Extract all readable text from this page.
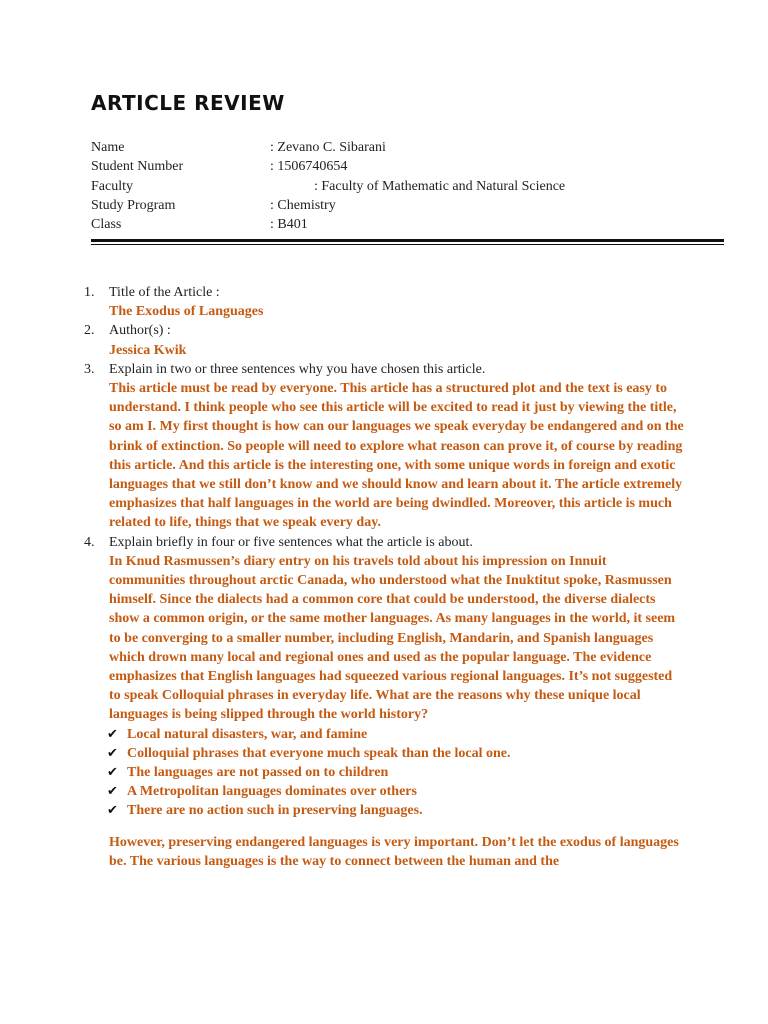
ARTICLE REVIEW
Name	: Zevano C. Sibarani
Student Number	: 1506740654
Faculty	: Faculty of Mathematic and Natural Science
Study Program	: Chemistry
Class	: B401
1. Title of the Article :
The Exodus of Languages
2. Author(s) :
Jessica Kwik
3. Explain in two or three sentences why you have chosen this article.
This article must be read by everyone. This article has a structured plot and the text is easy to understand. I think people who see this article will be excited to read it just by viewing the title, so am I. My first thought is how can our languages we speak everyday be endangered and on the brink of extinction. So people will need to explore what reason can prove it, of course by reading this article. And this article is the interesting one, with some unique words in foreign and exotic languages that we still don’t know and we should know and learn about it. The article extremely emphasizes that half languages in the world are being dwindled. Moreover, this article is much related to life, things that we speak every day.
4. Explain briefly in four or five sentences what the article is about.
In Knud Rasmussen’s diary entry on his travels told about his impression on Innuit communities throughout arctic Canada, who understood what the Inuktitut spoke, Rasmussen himself. Since the dialects had a common core that could be understood, the diverse dialects show a common origin, or the same mother languages. As many languages in the world, it seem to be converging to a smaller number, including English, Mandarin, and Spanish languages which drown many local and regional ones and used as the popular language. The evidence emphasizes that English languages had squeezed various regional languages. It’s not suggested to speak Colloquial phrases in everyday life. What are the reasons why these unique local languages is being slipped through the world history?
✔ Local natural disasters, war, and famine
✔ Colloquial phrases that everyone much speak than the local one.
✔ The languages are not passed on to children
✔ A Metropolitan languages dominates over others
✔ There are no action such in preserving languages.
However, preserving endangered languages is very important. Don’t let the exodus of languages be. The various languages is the way to connect between the human and the
